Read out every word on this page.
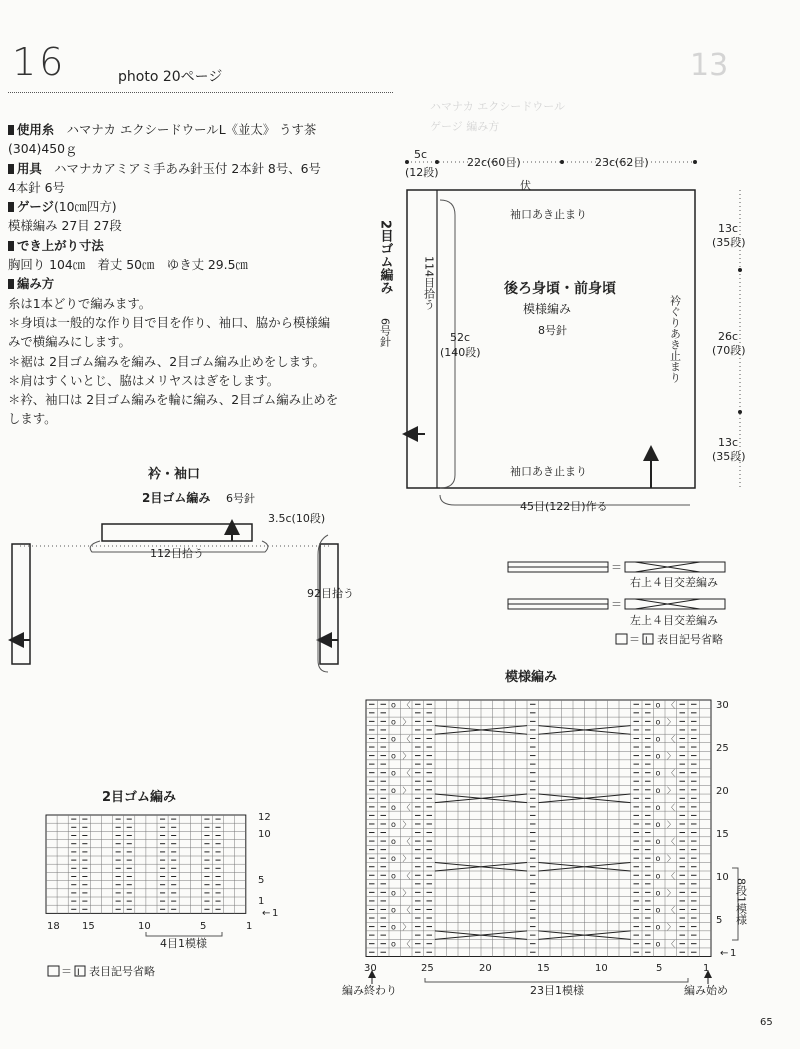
16	photo 20ページ	13
ハマナカ エクシードウール
ゲージ 編み方
使用糸　 ハマナカ エクシードウールL《並太》 うす茶
(304)450ｇ
用具　 ハマナカアミアミ手あみ針玉付 2本針 8号、6号
4本針 6号
ゲージ(10㎝四方)
模様編み 27目 27段
でき上がり寸法
胸回り 104㎝　着丈 50㎝　ゆき丈 29.5㎝
編み方
糸は1本どりで編みます。
＊身頃は一般的な作り目で目を作り、袖口、脇から模様編
みで横編みにします。
＊裾は 2目ゴム編みを編み、2目ゴム編み止めをします。
＊肩はすくいとじ、脇はメリヤスはぎをします。
＊衿、袖口は 2目ゴム編みを輪に編み、2目ゴム編み止めを
します。
5c
(12段)
22c(60目)	23c(62目)
伏
袖口あき止まり
袖口あき止まり
後ろ身頃・前身頃
模様編み
8号針
52c
(140段)
2目ゴム編み
6号針
114目拾う
衿ぐりあき止まり
13c
(35段)
26c
(70段)
13c
(35段)
45目(122目)作る
＝
右上４目交差編み
＝
左上４目交差編み
＝ Ⅰ 表目記号省略
衿・袖口
2目ゴム編み 6号針
3.5c(10段)
112目拾う
92目拾う
2目ゴム編み
12
10
5
1
← 1
18 15	10	5	1
4目1模様
＝ Ⅰ 表目記号省略
模様編み
o	o
〈	〈
o	o
〉	〉
o	o
〈	〈
o	o
〉	〉
o	o
〈	〈
o	o
〉	〉
o	o
〈	〈
o	o
〉	〉
o	o
〈	〈
o	o
〉	〉
o	o
〈	〈
o	o
〉	〉
o	o
〈	〈
o	o
〉	〉
o	o
〈	〈
30
25
20
15
10
5
← 1
8段1模様
30	25	20	15	10	5	1
編み終わり	23目1模様	編み始め
65
